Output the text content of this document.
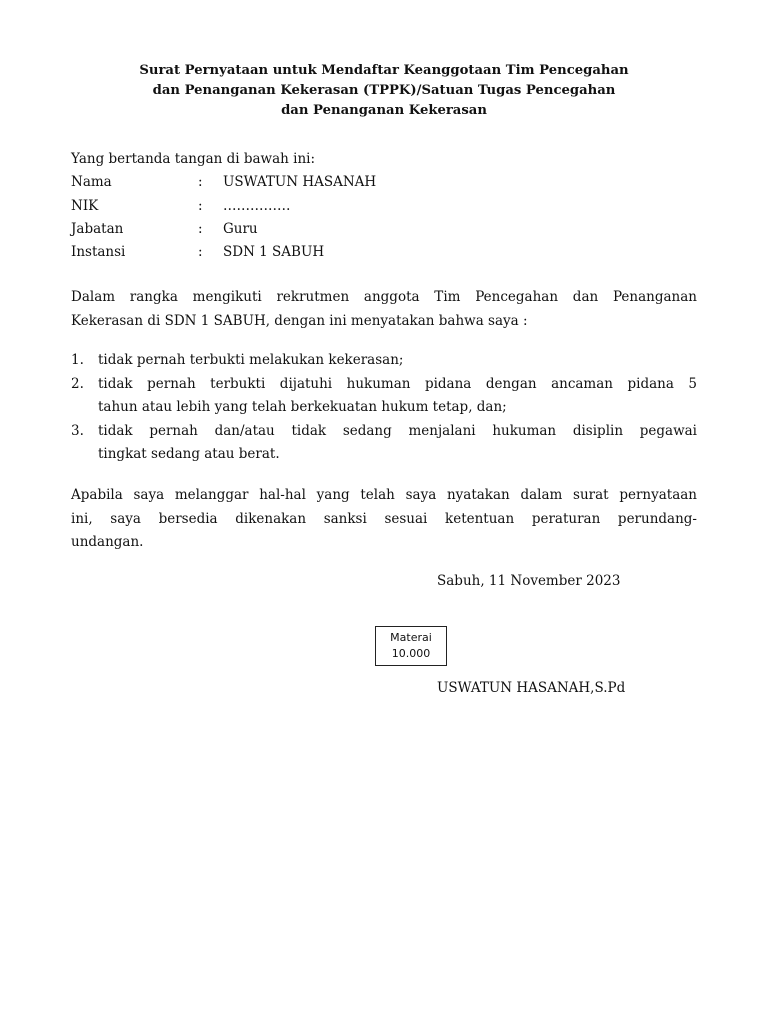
Surat Pernyataan untuk Mendaftar Keanggotaan Tim Pencegahan
dan Penanganan Kekerasan (TPPK)/Satuan Tugas Pencegahan
dan Penanganan Kekerasan
Yang bertanda tangan di bawah ini:
Nama	: USWATUN HASANAH
NIK	: ……………
Jabatan	: Guru
Instansi	: SDN 1 SABUH
Dalam rangka mengikuti rekrutmen anggota Tim Pencegahan dan Penanganan
Kekerasan di SDN 1 SABUH, dengan ini menyatakan bahwa saya :
1. tidak pernah terbukti melakukan kekerasan;
2. tidak pernah terbukti dijatuhi hukuman pidana dengan ancaman pidana 5
tahun atau lebih yang telah berkekuatan hukum tetap, dan;
3. tidak pernah dan/atau tidak sedang menjalani hukuman disiplin pegawai
tingkat sedang atau berat.
Apabila saya melanggar hal-hal yang telah saya nyatakan dalam surat pernyataan
ini, saya bersedia dikenakan sanksi sesuai ketentuan peraturan perundang-
undangan.
Sabuh, 11 November 2023
Materai
10.000
USWATUN HASANAH,S.Pd
